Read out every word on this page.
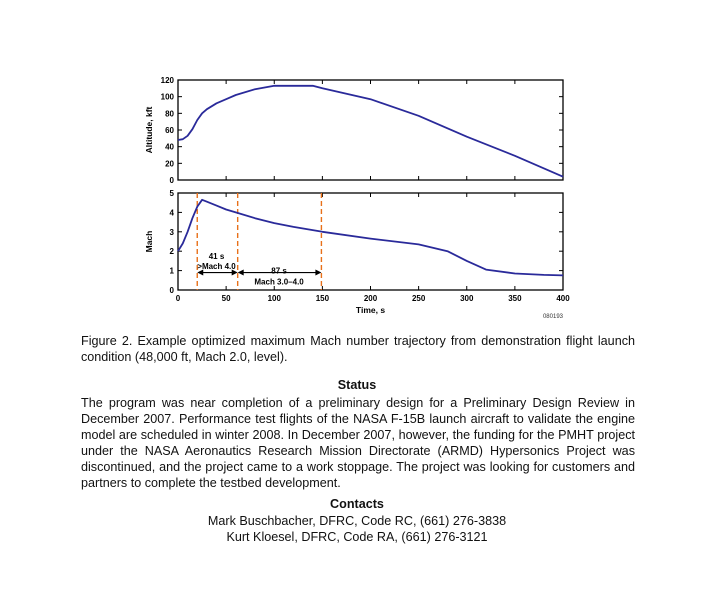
0
20
40
60
80
100
120
Altitude, kft
0
1
2
3
4
5
0	50	100	150	200	250	300	350	400
Mach
41 s
>Mach 4.0
87 s
Mach 3.0–4.0
Time, s
080193

Figure 2. Example optimized maximum Mach number trajectory from demonstration flight launch condition (48,000 ft, Mach 2.0, level).

Status

The program was near completion of a preliminary design for a Preliminary Design Review in December 2007. Performance test flights of the NASA F-15B launch aircraft to validate the engine model are scheduled in winter 2008. In December 2007, however, the funding for the PMHT project under the NASA Aeronautics Research Mission Directorate (ARMD) Hypersonics Project was discontinued, and the project came to a work stoppage. The project was looking for customers and partners to complete the testbed development.

Contacts

Mark Buschbacher, DFRC, Code RC, (661) 276-3838

Kurt Kloesel, DFRC, Code RA, (661) 276-3121
